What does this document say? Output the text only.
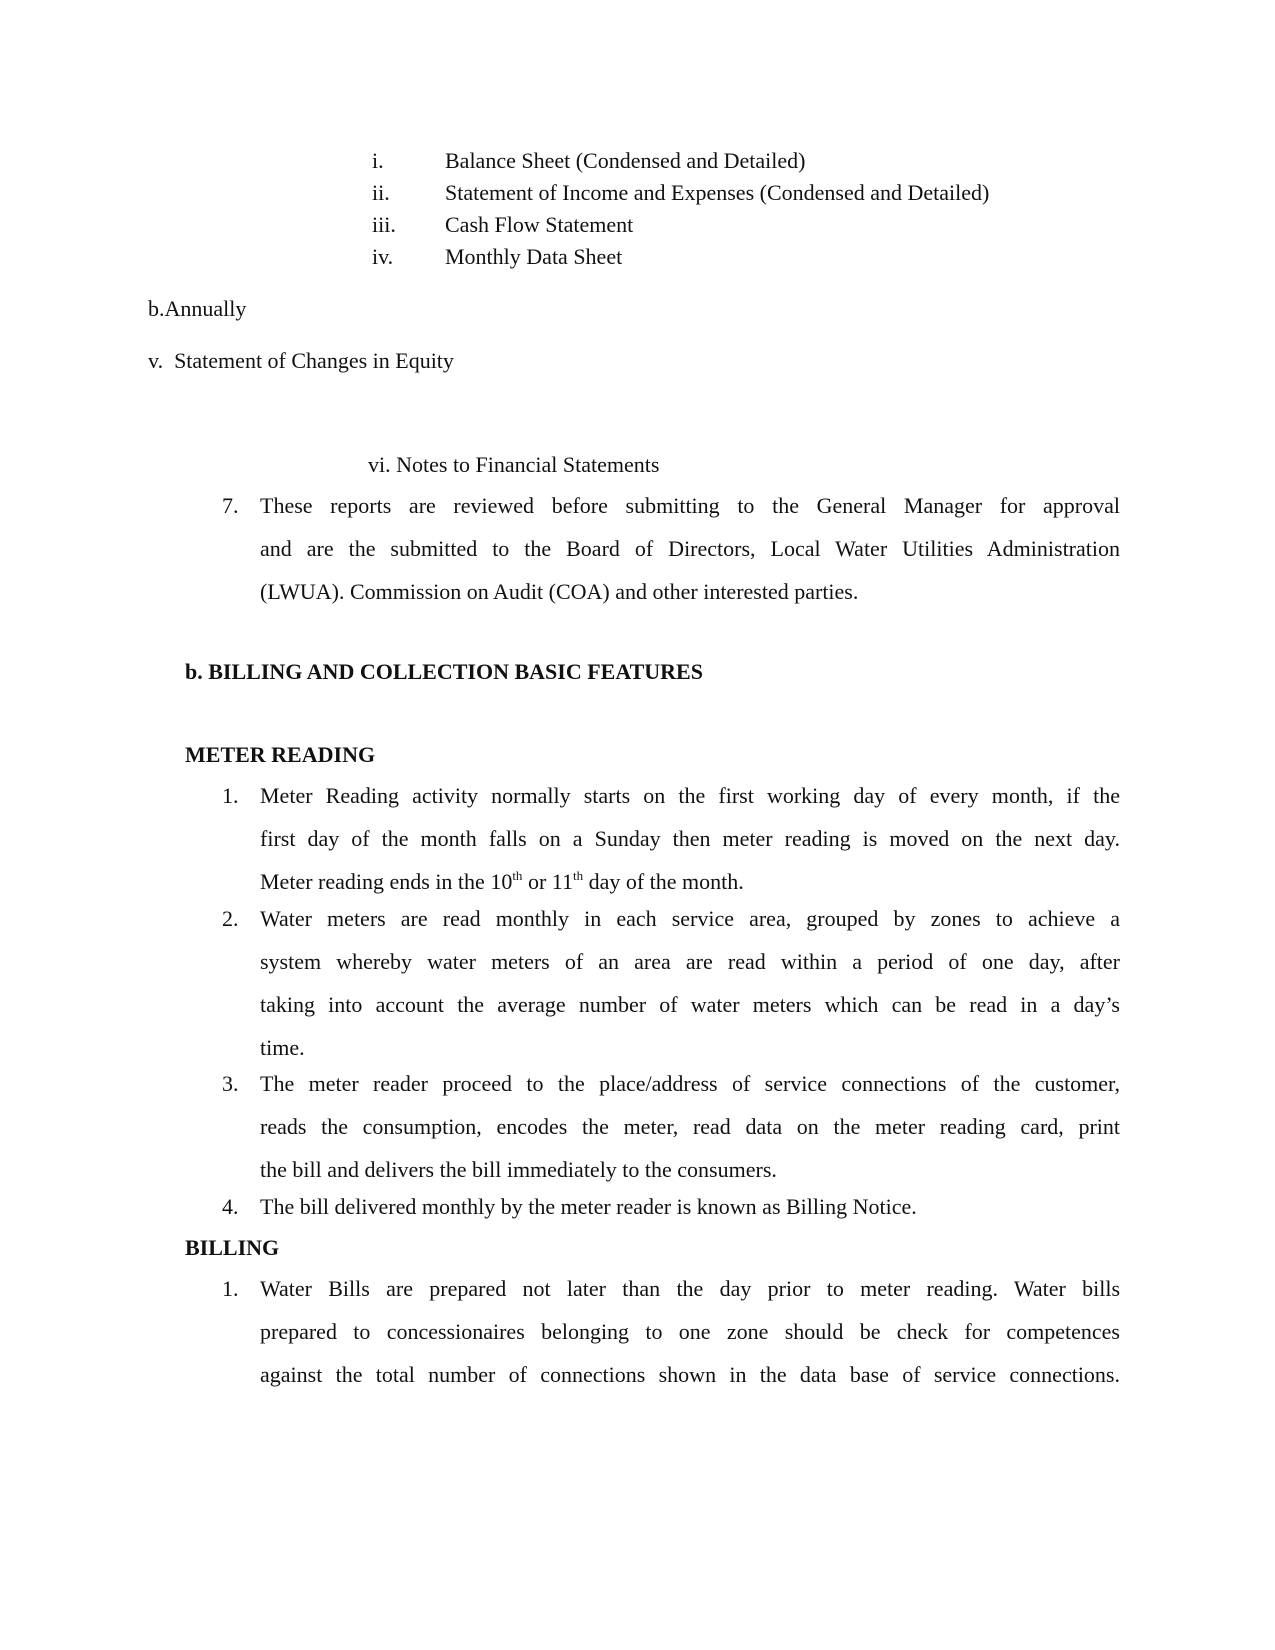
i.	Balance Sheet (Condensed and Detailed)
ii.	Statement of Income and Expenses (Condensed and Detailed)
iii. Cash Flow Statement
iv. Monthly Data Sheet
b.Annually
v.  Statement of Changes in Equity
vi. Notes to Financial Statements
7. These reports are reviewed before submitting to the General Manager for approval
and are the submitted to the Board of Directors, Local Water Utilities Administration
(LWUA). Commission on Audit (COA) and other interested parties.
b. BILLING AND COLLECTION BASIC FEATURES
METER READING
1. Meter Reading activity normally starts on the first working day of every month, if the
first day of the month falls on a Sunday then meter reading is moved on the next day.
Meter reading ends in the 10th or 11th day of the month.
2. Water meters are read monthly in each service area, grouped by zones to achieve a
system whereby water meters of an area are read within a period of one day, after
taking into account the average number of water meters which can be read in a day’s
time.
3. The meter reader proceed to the place/address of service connections of the customer,
reads the consumption, encodes the meter, read data on the meter reading card, print
the bill and delivers the bill immediately to the consumers.
4. The bill delivered monthly by the meter reader is known as Billing Notice.
BILLING
1. Water Bills are prepared not later than the day prior to meter reading. Water bills
prepared to concessionaires belonging to one zone should be check for competences
against the total number of connections shown in the data base of service connections.
